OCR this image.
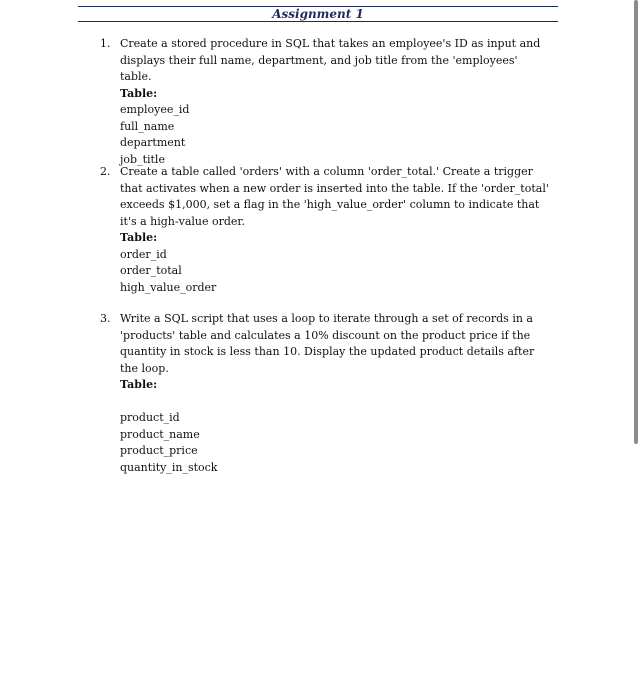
Assignment 1
1. Create a stored procedure in SQL that takes an employee's ID as input and displays their full name, department, and job title from the 'employees' table.

Table:

employee_id
full_name
department
job_title
2. Create a table called 'orders' with a column 'order_total.' Create a trigger that activates when a new order is inserted into the table. If the 'order_total' exceeds $1,000, set a flag in the 'high_value_order' column to indicate that it's a high-value order.

Table:

order_id
order_total
high_value_order
3. Write a SQL script that uses a loop to iterate through a set of records in a 'products' table and calculates a 10% discount on the product price if the quantity in stock is less than 10. Display the updated product details after the loop.

Table:

product_id
product_name
product_price
quantity_in_stock
